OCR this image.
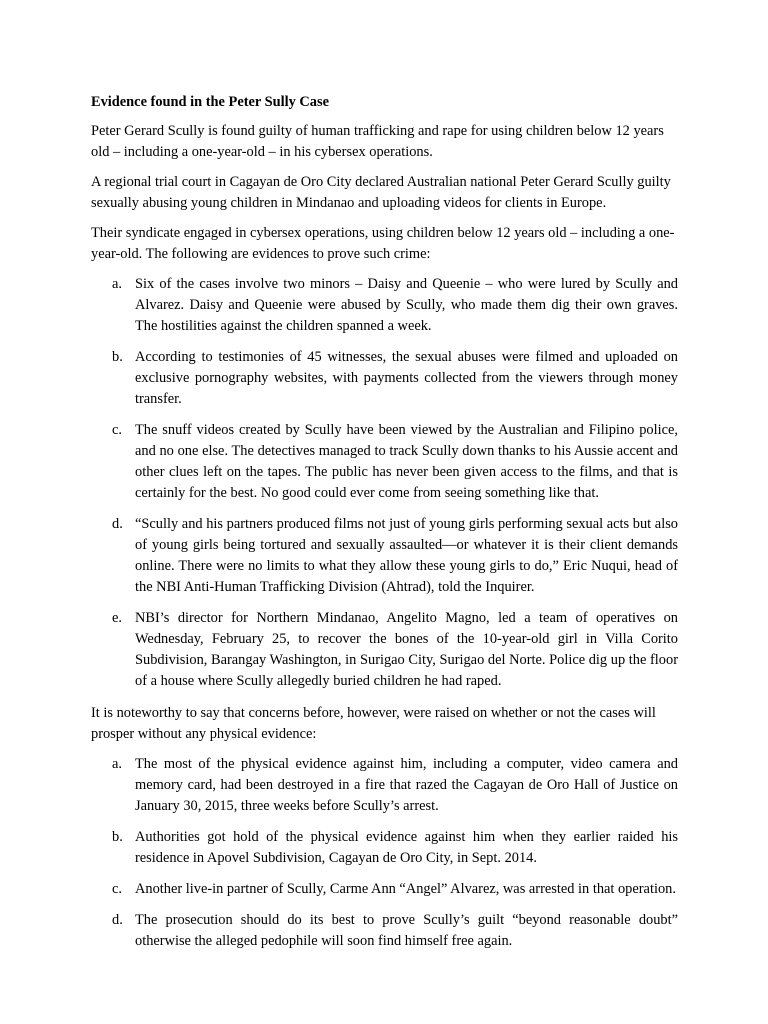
Evidence found in the Peter Sully Case

Peter Gerard Scully is found guilty of human trafficking and rape for using children below 12 years old – including a one-year-old – in his cybersex operations.

A regional trial court in Cagayan de Oro City declared Australian national Peter Gerard Scully guilty sexually abusing young children in Mindanao and uploading videos for clients in Europe.

Their syndicate engaged in cybersex operations, using children below 12 years old – including a one-year-old. The following are evidences to prove such crime:

a. Six of the cases involve two minors – Daisy and Queenie – who were lured by Scully and Alvarez. Daisy and Queenie were abused by Scully, who made them dig their own graves. The hostilities against the children spanned a week.
b. According to testimonies of 45 witnesses, the sexual abuses were filmed and uploaded on exclusive pornography websites, with payments collected from the viewers through money transfer.
c. The snuff videos created by Scully have been viewed by the Australian and Filipino police, and no one else. The detectives managed to track Scully down thanks to his Aussie accent and other clues left on the tapes. The public has never been given access to the films, and that is certainly for the best. No good could ever come from seeing something like that.
d. “Scully and his partners produced films not just of young girls performing sexual acts but also of young girls being tortured and sexually assaulted—or whatever it is their client demands online. There were no limits to what they allow these young girls to do,” Eric Nuqui, head of the NBI Anti-Human Trafficking Division (Ahtrad), told the Inquirer.
e. NBI’s director for Northern Mindanao, Angelito Magno, led a team of operatives on Wednesday, February 25, to recover the bones of the 10-year-old girl in Villa Corito Subdivision, Barangay Washington, in Surigao City, Surigao del Norte. Police dig up the floor of a house where Scully allegedly buried children he had raped.

It is noteworthy to say that concerns before, however, were raised on whether or not the cases will prosper without any physical evidence:

a. The most of the physical evidence against him, including a computer, video camera and memory card, had been destroyed in a fire that razed the Cagayan de Oro Hall of Justice on January 30, 2015, three weeks before Scully’s arrest.
b. Authorities got hold of the physical evidence against him when they earlier raided his residence in Apovel Subdivision, Cagayan de Oro City, in Sept. 2014.
c. Another live-in partner of Scully, Carme Ann “Angel” Alvarez, was arrested in that operation.
d. The prosecution should do its best to prove Scully’s guilt “beyond reasonable doubt” otherwise the alleged pedophile will soon find himself free again.
